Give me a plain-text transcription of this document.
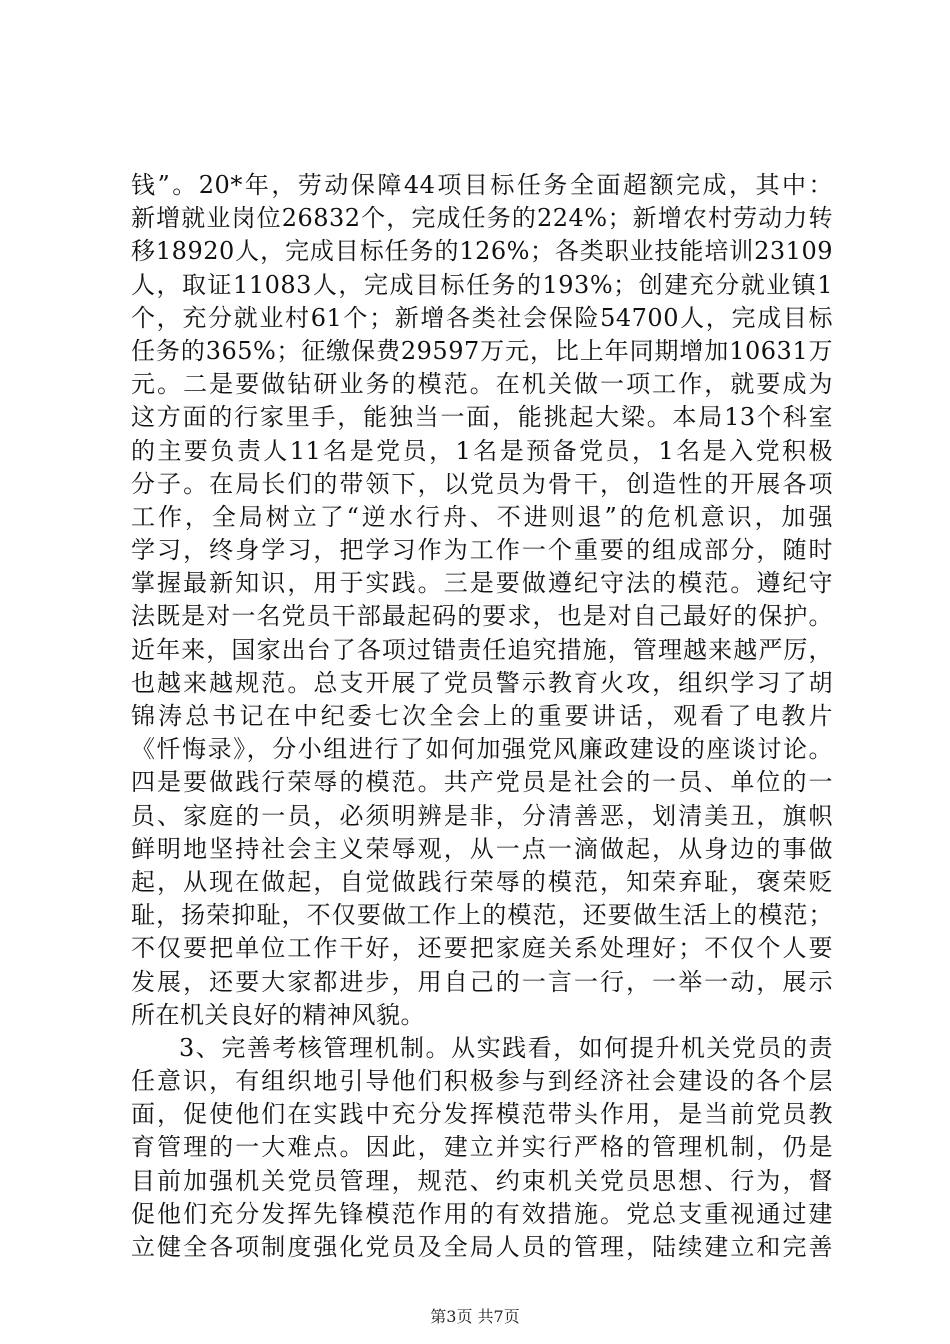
钱”。20*年，劳动保障44项目标任务全面超额完成，其中：
新增就业岗位26832个，完成任务的224%；新增农村劳动力转
移18920人，完成目标任务的126%；各类职业技能培训23109
人，取证11083人，完成目标任务的193%；创建充分就业镇1
个，充分就业村61个；新增各类社会保险54700人，完成目标
任务的365%；征缴保费29597万元，比上年同期增加10631万
元。二是要做钻研业务的模范。在机关做一项工作，就要成为
这方面的行家里手，能独当一面，能挑起大梁。本局13个科室
的主要负责人11名是党员，1名是预备党员，1名是入党积极
分子。在局长们的带领下，以党员为骨干，创造性的开展各项
工作，全局树立了“逆水行舟、不进则退”的危机意识，加强
学习，终身学习，把学习作为工作一个重要的组成部分，随时
掌握最新知识，用于实践。三是要做遵纪守法的模范。遵纪守
法既是对一名党员干部最起码的要求，也是对自己最好的保护。
近年来，国家出台了各项过错责任追究措施，管理越来越严厉，
也越来越规范。总支开展了党员警示教育火攻，组织学习了胡
锦涛总书记在中纪委七次全会上的重要讲话，观看了电教片
《忏悔录》，分小组进行了如何加强党风廉政建设的座谈讨论。
四是要做践行荣辱的模范。共产党员是社会的一员、单位的一
员、家庭的一员，必须明辨是非，分清善恶，划清美丑，旗帜
鲜明地坚持社会主义荣辱观，从一点一滴做起，从身边的事做
起，从现在做起，自觉做践行荣辱的模范，知荣弃耻，褒荣贬
耻，扬荣抑耻，不仅要做工作上的模范，还要做生活上的模范；
不仅要把单位工作干好，还要把家庭关系处理好；不仅个人要
发展，还要大家都进步，用自己的一言一行，一举一动，展示
所在机关良好的精神风貌。
3、完善考核管理机制。从实践看，如何提升机关党员的责
任意识，有组织地引导他们积极参与到经济社会建设的各个层
面，促使他们在实践中充分发挥模范带头作用，是当前党员教
育管理的一大难点。因此，建立并实行严格的管理机制，仍是
目前加强机关党员管理，规范、约束机关党员思想、行为，督
促他们充分发挥先锋模范作用的有效措施。党总支重视通过建
立健全各项制度强化党员及全局人员的管理，陆续建立和完善
第3页 共7页
